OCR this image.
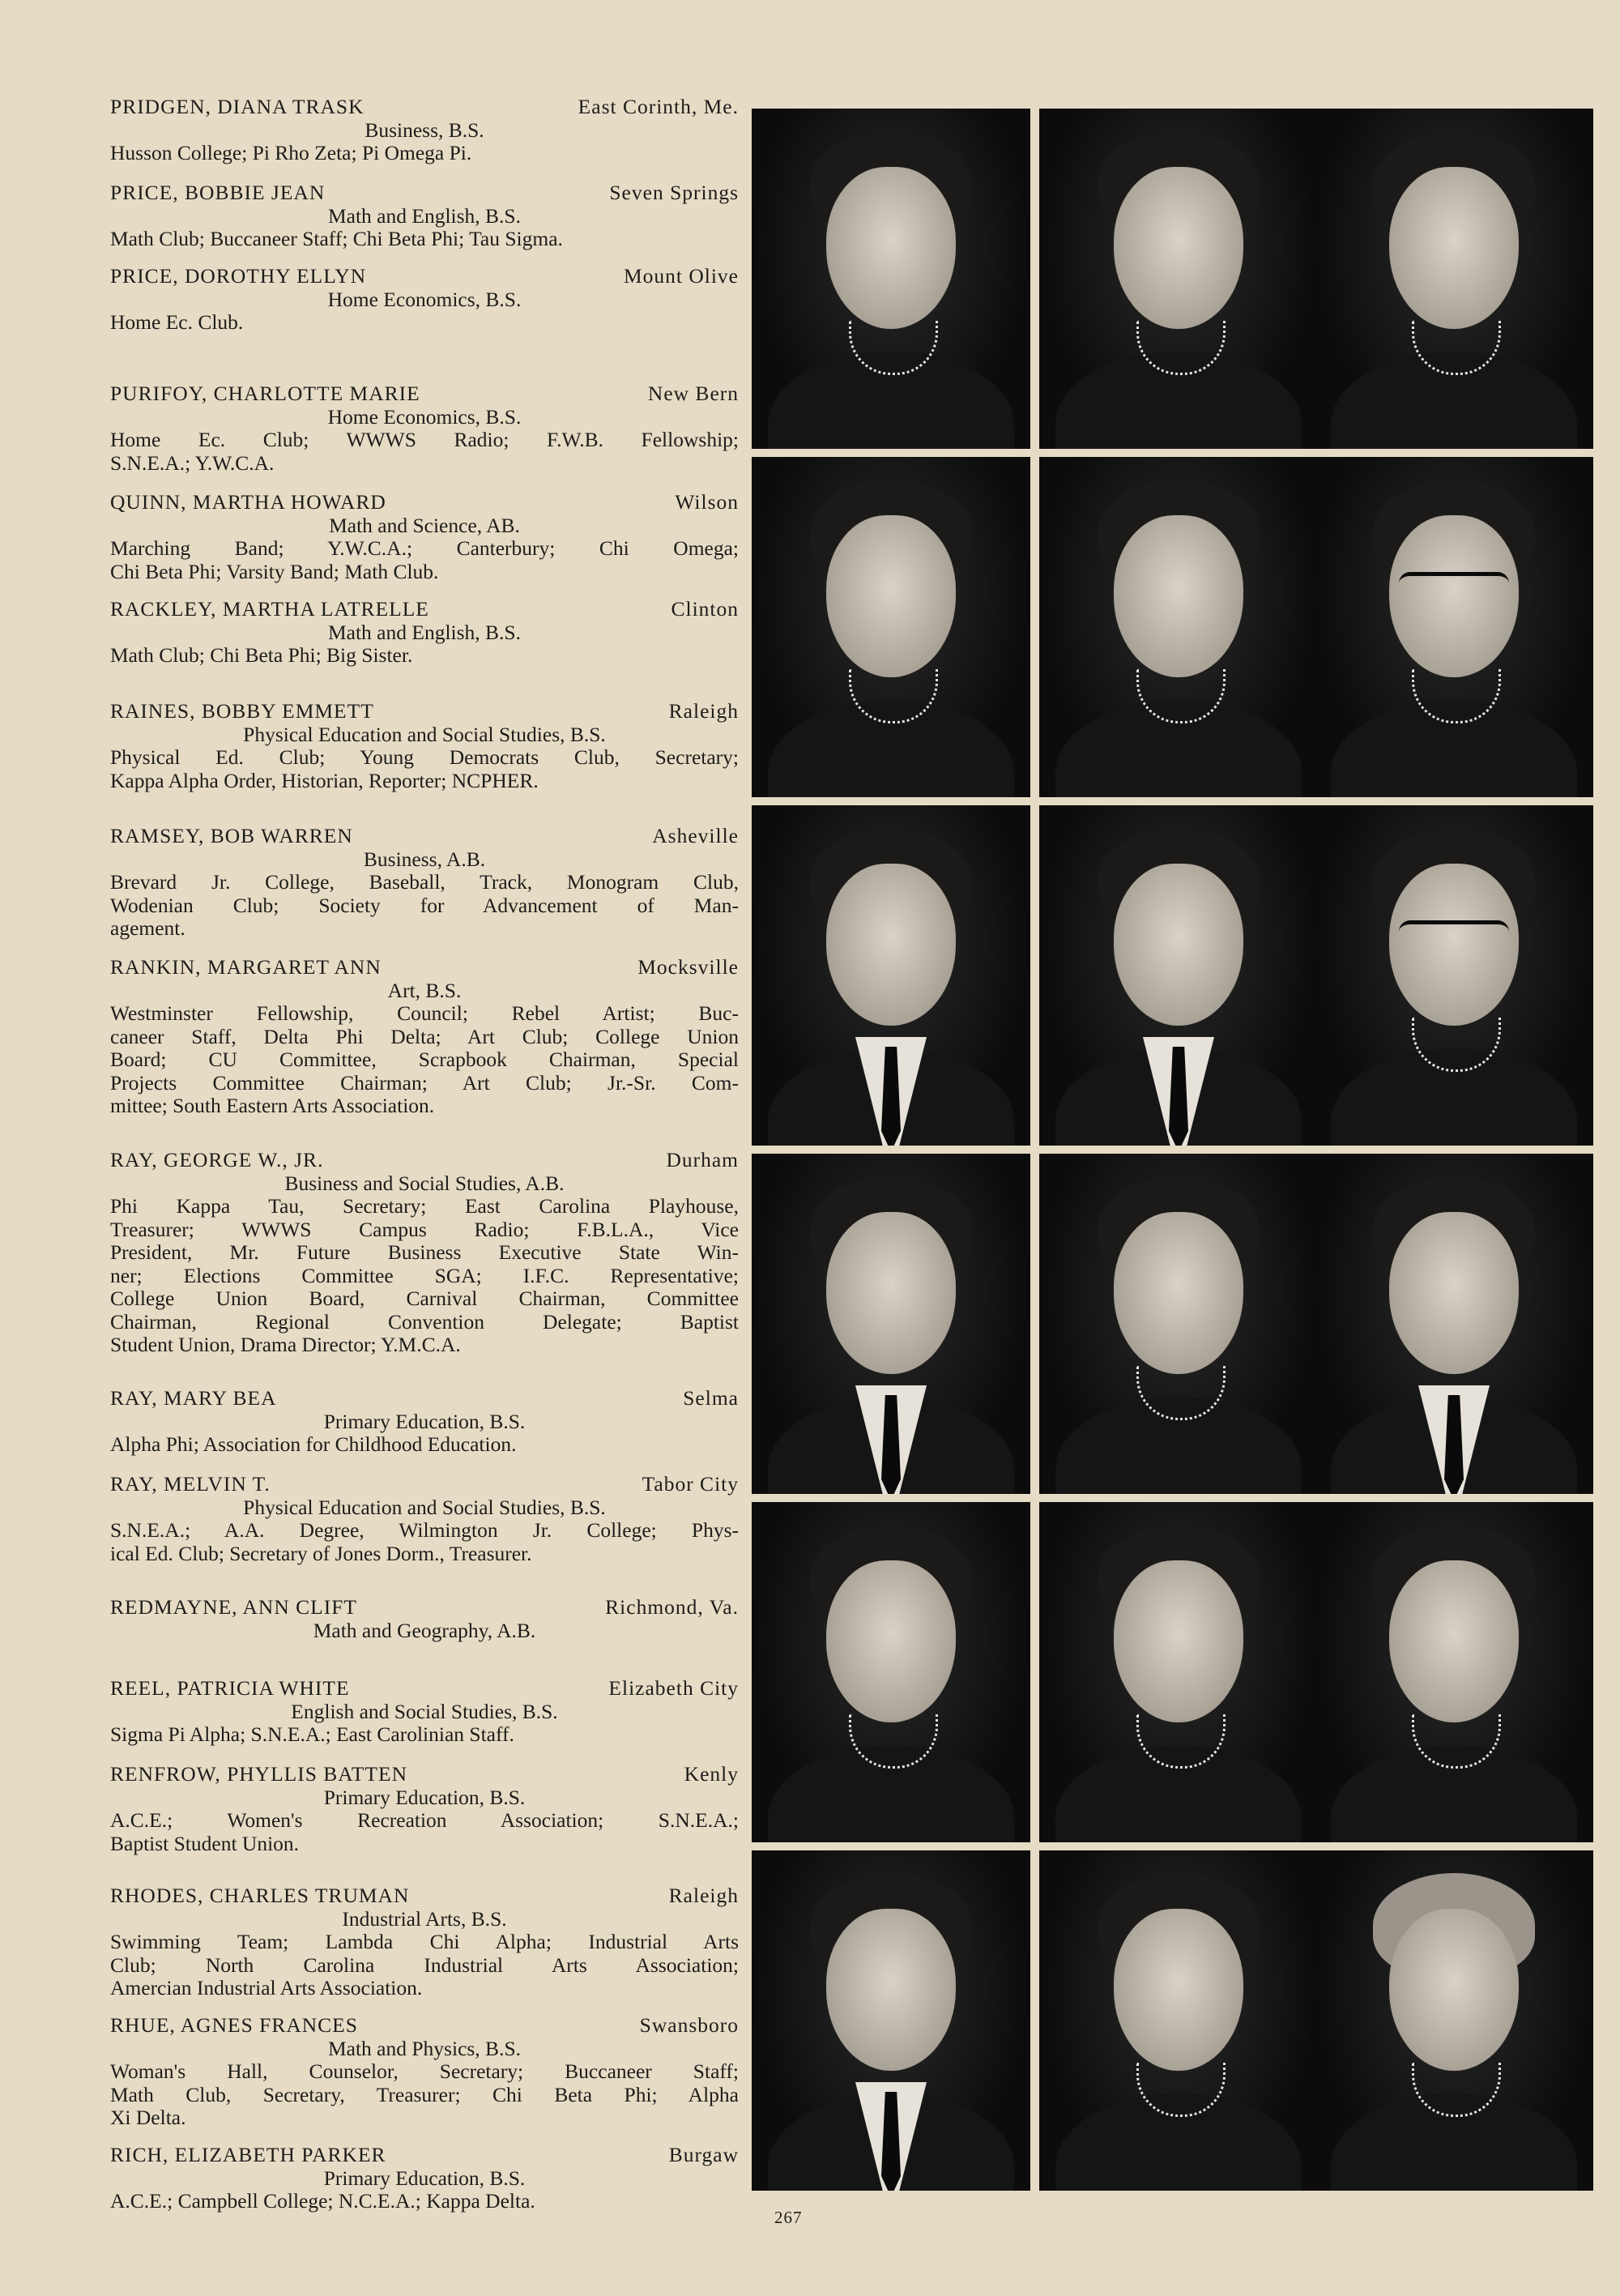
PRIDGEN, DIANA TRASK	East Corinth, Me.
Business, B.S.
Husson College; Pi Rho Zeta; Pi Omega Pi.
PRICE, BOBBIE JEAN	Seven Springs
Math and English, B.S.
Math Club; Buccaneer Staff; Chi Beta Phi; Tau Sigma.
PRICE, DOROTHY ELLYN	Mount Olive
Home Economics, B.S.
Home Ec. Club.
PURIFOY, CHARLOTTE MARIE	New Bern
Home Economics, B.S.
Home Ec. Club; WWWS Radio; F.W.B. Fellowship;
S.N.E.A.; Y.W.C.A.
QUINN, MARTHA HOWARD	Wilson
Math and Science, AB.
Marching Band; Y.W.C.A.; Canterbury; Chi Omega;
Chi Beta Phi; Varsity Band; Math Club.
RACKLEY, MARTHA LATRELLE	Clinton
Math and English, B.S.
Math Club; Chi Beta Phi; Big Sister.
RAINES, BOBBY EMMETT	Raleigh
Physical Education and Social Studies, B.S.
Physical Ed. Club; Young Democrats Club, Secretary;
Kappa Alpha Order, Historian, Reporter; NCPHER.
RAMSEY, BOB WARREN	Asheville
Business, A.B.
Brevard Jr. College, Baseball, Track, Monogram Club,
Wodenian Club; Society for Advancement of Man-
agement.
RANKIN, MARGARET ANN	Mocksville
Art, B.S.
Westminster Fellowship, Council; Rebel Artist; Buc-
caneer Staff, Delta Phi Delta; Art Club; College Union
Board; CU Committee, Scrapbook Chairman, Special
Projects Committee Chairman; Art Club; Jr.-Sr. Com-
mittee; South Eastern Arts Association.
RAY, GEORGE W., JR.	Durham
Business and Social Studies, A.B.
Phi Kappa Tau, Secretary; East Carolina Playhouse,
Treasurer; WWWS Campus Radio; F.B.L.A., Vice
President, Mr. Future Business Executive State Win-
ner; Elections Committee SGA; I.F.C. Representative;
College Union Board, Carnival Chairman, Committee
Chairman, Regional Convention Delegate; Baptist
Student Union, Drama Director; Y.M.C.A.
RAY, MARY BEA	Selma
Primary Education, B.S.
Alpha Phi; Association for Childhood Education.
RAY, MELVIN T.	Tabor City
Physical Education and Social Studies, B.S.
S.N.E.A.; A.A. Degree, Wilmington Jr. College; Phys-
ical Ed. Club; Secretary of Jones Dorm., Treasurer.
REDMAYNE, ANN CLIFT	Richmond, Va.
Math and Geography, A.B.
REEL, PATRICIA WHITE	Elizabeth City
English and Social Studies, B.S.
Sigma Pi Alpha; S.N.E.A.; East Carolinian Staff.
RENFROW, PHYLLIS BATTEN	Kenly
Primary Education, B.S.
A.C.E.; Women's Recreation Association; S.N.E.A.;
Baptist Student Union.
RHODES, CHARLES TRUMAN	Raleigh
Industrial Arts, B.S.
Swimming Team; Lambda Chi Alpha; Industrial Arts
Club; North Carolina Industrial Arts Association;
Amercian Industrial Arts Association.
RHUE, AGNES FRANCES	Swansboro
Math and Physics, B.S.
Woman's Hall, Counselor, Secretary; Buccaneer Staff;
Math Club, Secretary, Treasurer; Chi Beta Phi; Alpha
Xi Delta.
RICH, ELIZABETH PARKER	Burgaw
Primary Education, B.S.
A.C.E.; Campbell College; N.C.E.A.; Kappa Delta.
267
